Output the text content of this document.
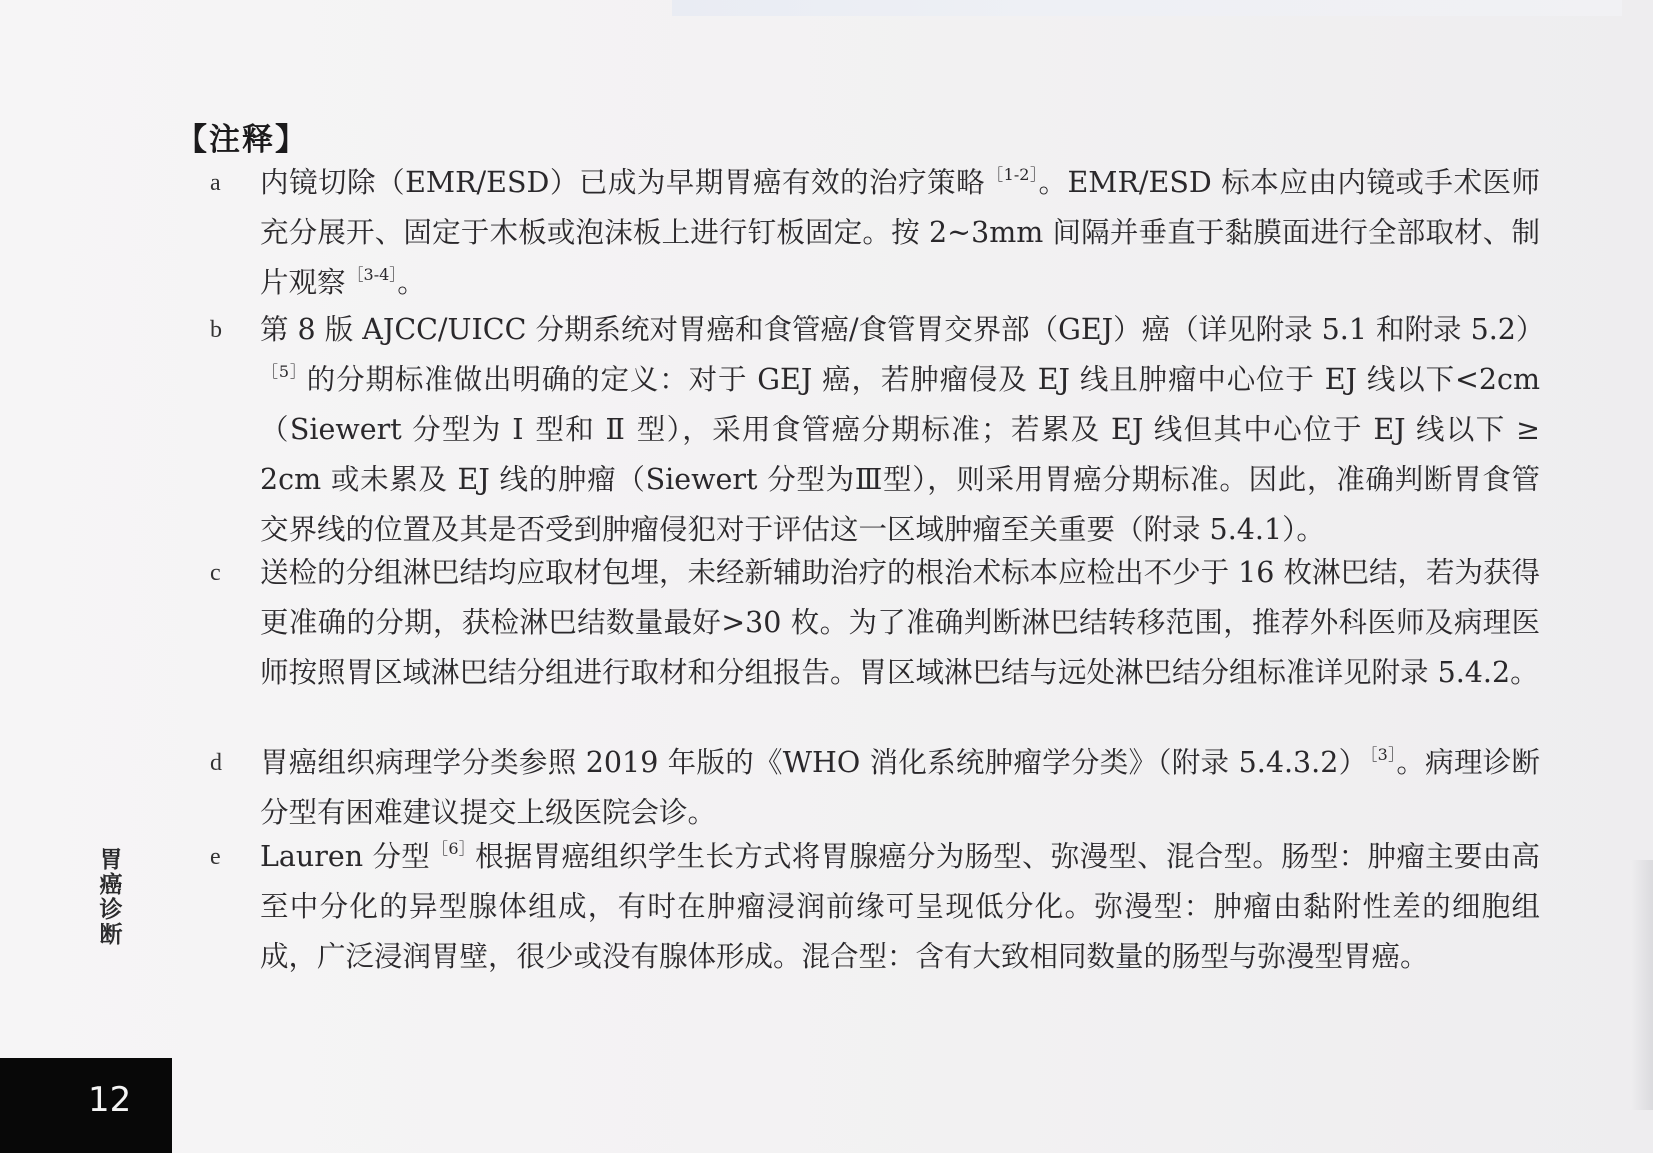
【注释】
a	内镜切除（EMR/ESD）已成为早期胃癌有效的治疗策略 $^{[1-2]}$。EMR/ESD 标本应由内镜或手术医师充分展开、固定于木板或泡沫板上进行钉板固定。按 2~3mm 间隔并垂直于黏膜面进行全部取材、制片观察 $^{[3-4]}$。
b	第 8 版 AJCC/UICC 分期系统对胃癌和食管癌/食管胃交界部（GEJ）癌（详见附录 5.1 和附录 5.2）$^{[5]}$的分期标准做出明确的定义：对于 GEJ 癌，若肿瘤侵及 EJ 线且肿瘤中心位于 EJ 线以下<2cm（Siewert 分型为 Ⅰ 型和 Ⅱ 型），采用食管癌分期标准；若累及 EJ 线但其中心位于 EJ 线以下 ≥ 2cm 或未累及 EJ 线的肿瘤（Siewert 分型为Ⅲ型），则采用胃癌分期标准。因此，准确判断胃食管交界线的位置及其是否受到肿瘤侵犯对于评估这一区域肿瘤至关重要（附录 5.4.1）。
c	送检的分组淋巴结均应取材包埋，未经新辅助治疗的根治术标本应检出不少于 16 枚淋巴结，若为获得更准确的分期，获检淋巴结数量最好>30 枚。为了准确判断淋巴结转移范围，推荐外科医师及病理医师按照胃区域淋巴结分组进行取材和分组报告。胃区域淋巴结与远处淋巴结分组标准详见附录 5.4.2。
d	胃癌组织病理学分类参照 2019 年版的《WHO 消化系统肿瘤学分类》（附录 5.4.3.2） $^{[3]}$。病理诊断分型有困难建议提交上级医院会诊。
e	Lauren 分型 $^{[6]}$根据胃癌组织学生长方式将胃腺癌分为肠型、弥漫型、混合型。肠型：肿瘤主要由高至中分化的异型腺体组成，有时在肿瘤浸润前缘可呈现低分化。弥漫型：肿瘤由黏附性差的细胞组成，广泛浸润胃壁，很少或没有腺体形成。混合型：含有大致相同数量的肠型与弥漫型胃癌。
胃癌诊断
12
